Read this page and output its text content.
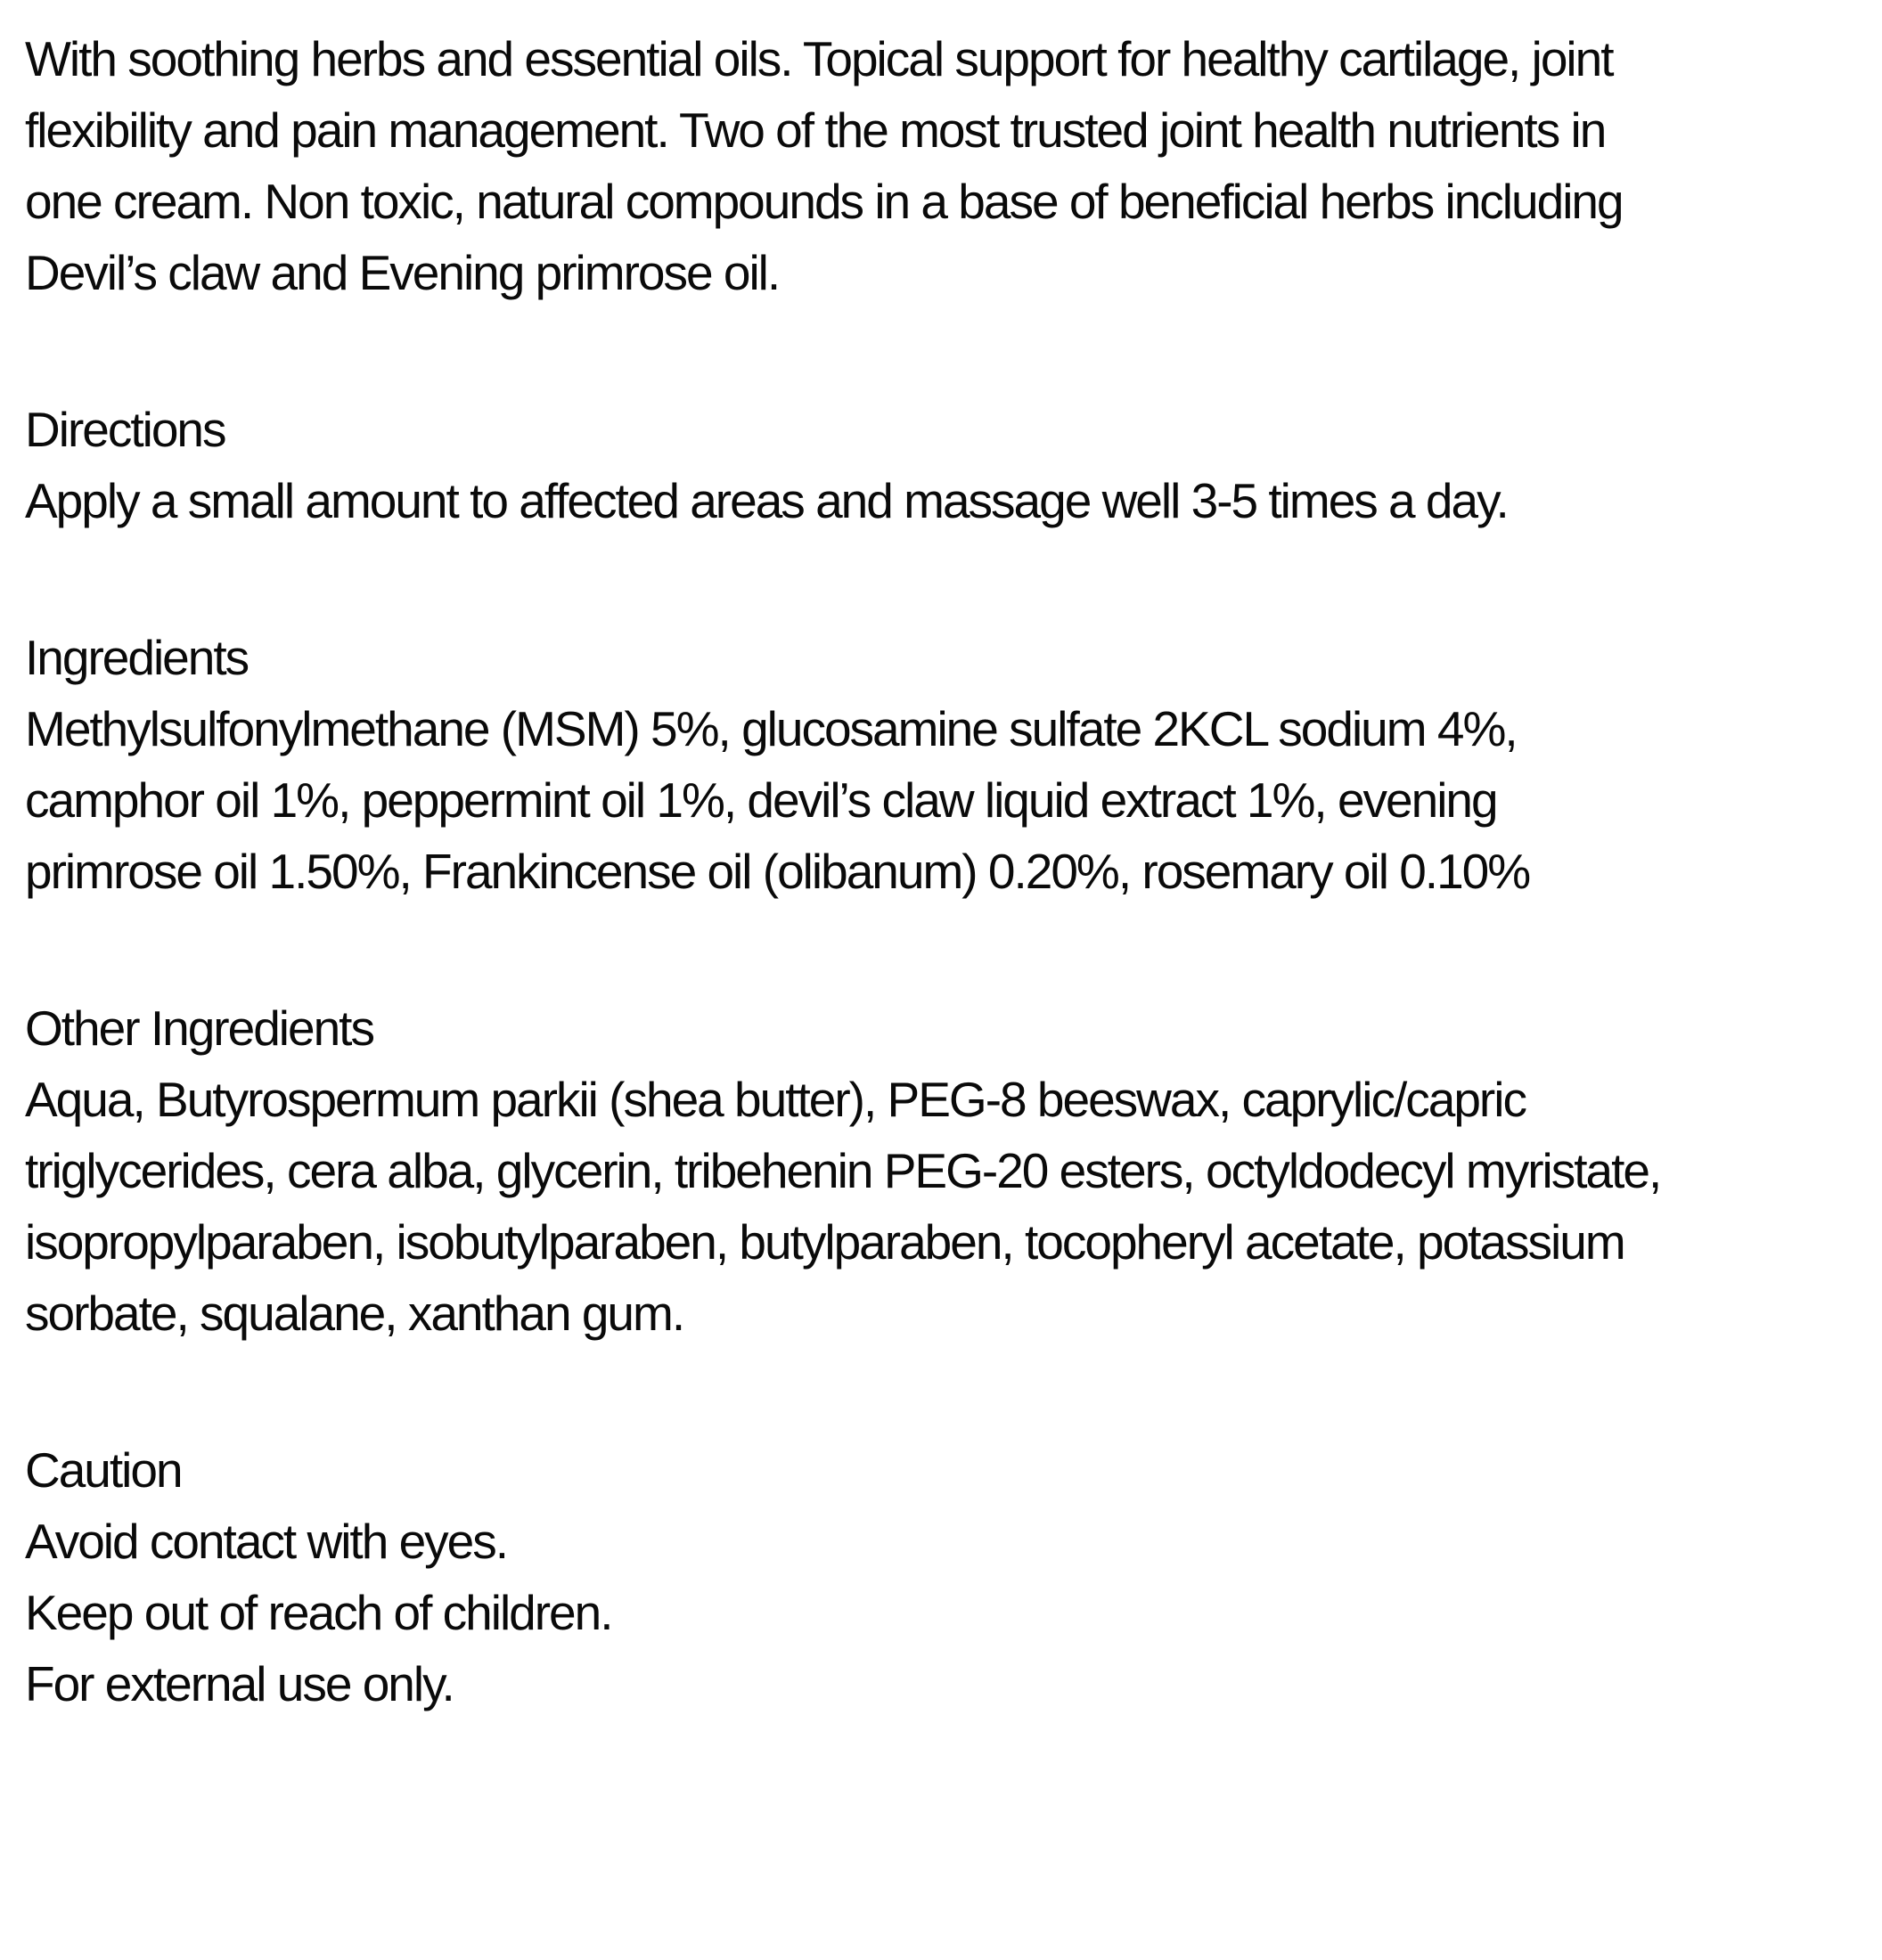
With soothing herbs and essential oils. Topical support for healthy cartilage, joint

flexibility and pain management. Two of the most trusted joint health nutrients in

one cream. Non toxic, natural compounds in a base of beneficial herbs including

Devil’s claw and Evening primrose oil.

Directions

Apply a small amount to affected areas and massage well 3-5 times a day.

Ingredients

Methylsulfonylmethane (MSM) 5%, glucosamine sulfate 2KCL sodium 4%,

camphor oil 1%, peppermint oil 1%, devil’s claw liquid extract 1%, evening

primrose oil 1.50%, Frankincense oil (olibanum) 0.20%, rosemary oil 0.10%

Other Ingredients

Aqua, Butyrospermum parkii (shea butter), PEG-8 beeswax, caprylic/capric

triglycerides, cera alba, glycerin, tribehenin PEG-20 esters, octyldodecyl myristate,

isopropylparaben, isobutylparaben, butylparaben, tocopheryl acetate, potassium

sorbate, squalane, xanthan gum.

Caution

Avoid contact with eyes.

Keep out of reach of children.

For external use only.
